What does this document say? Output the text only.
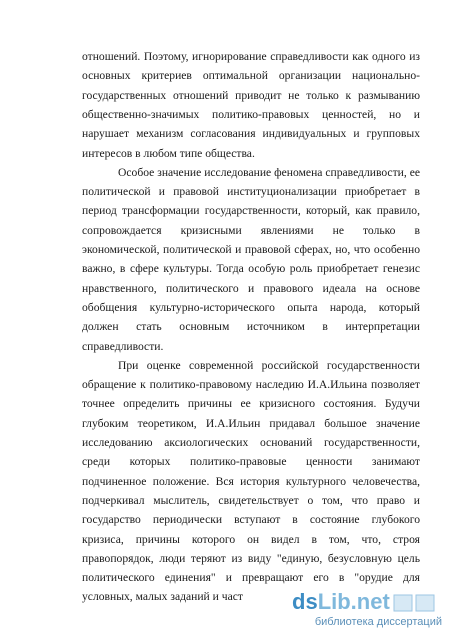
отношений. Поэтому, игнорирование справедливости как одного из
основных критериев оптимальной организации национально-
государственных отношений приводит не только к размыванию
общественно-значимых политико-правовых ценностей, но и
нарушает механизм согласования индивидуальных и групповых
интересов в любом типе общества.
Особое значение исследование феномена справедливости, ее
политической и правовой институционализации приобретает в
период трансформации государственности, который, как правило,
сопровождается кризисными явлениями не только в
экономической, политической и правовой сферах, но, что особенно
важно, в сфере культуры. Тогда особую роль приобретает генезис
нравственного, политического и правового идеала на основе
обобщения культурно-исторического опыта народа, который
должен стать основным источником в интерпретации
справедливости.
При оценке современной российской государственности
обращение к политико-правовому наследию И.А.Ильина позволяет
точнее определить причины ее кризисного состояния. Будучи
глубоким теоретиком, И.А.Ильин придавал большое значение
исследованию аксиологических оснований государственности,
среди которых политико-правовые ценности занимают
подчиненное положение. Вся история культурного человечества,
подчеркивал мыслитель, свидетельствует о том, что право и
государство периодически вступают в состояние глубокого
кризиса, причины которого он видел в том, что, строя
правопорядок, люди теряют из виду "единую, безусловную цель
политического единения" и превращают его в "орудие для
условных, малых заданий и част	dsLib.net
библиотека диссертаций
